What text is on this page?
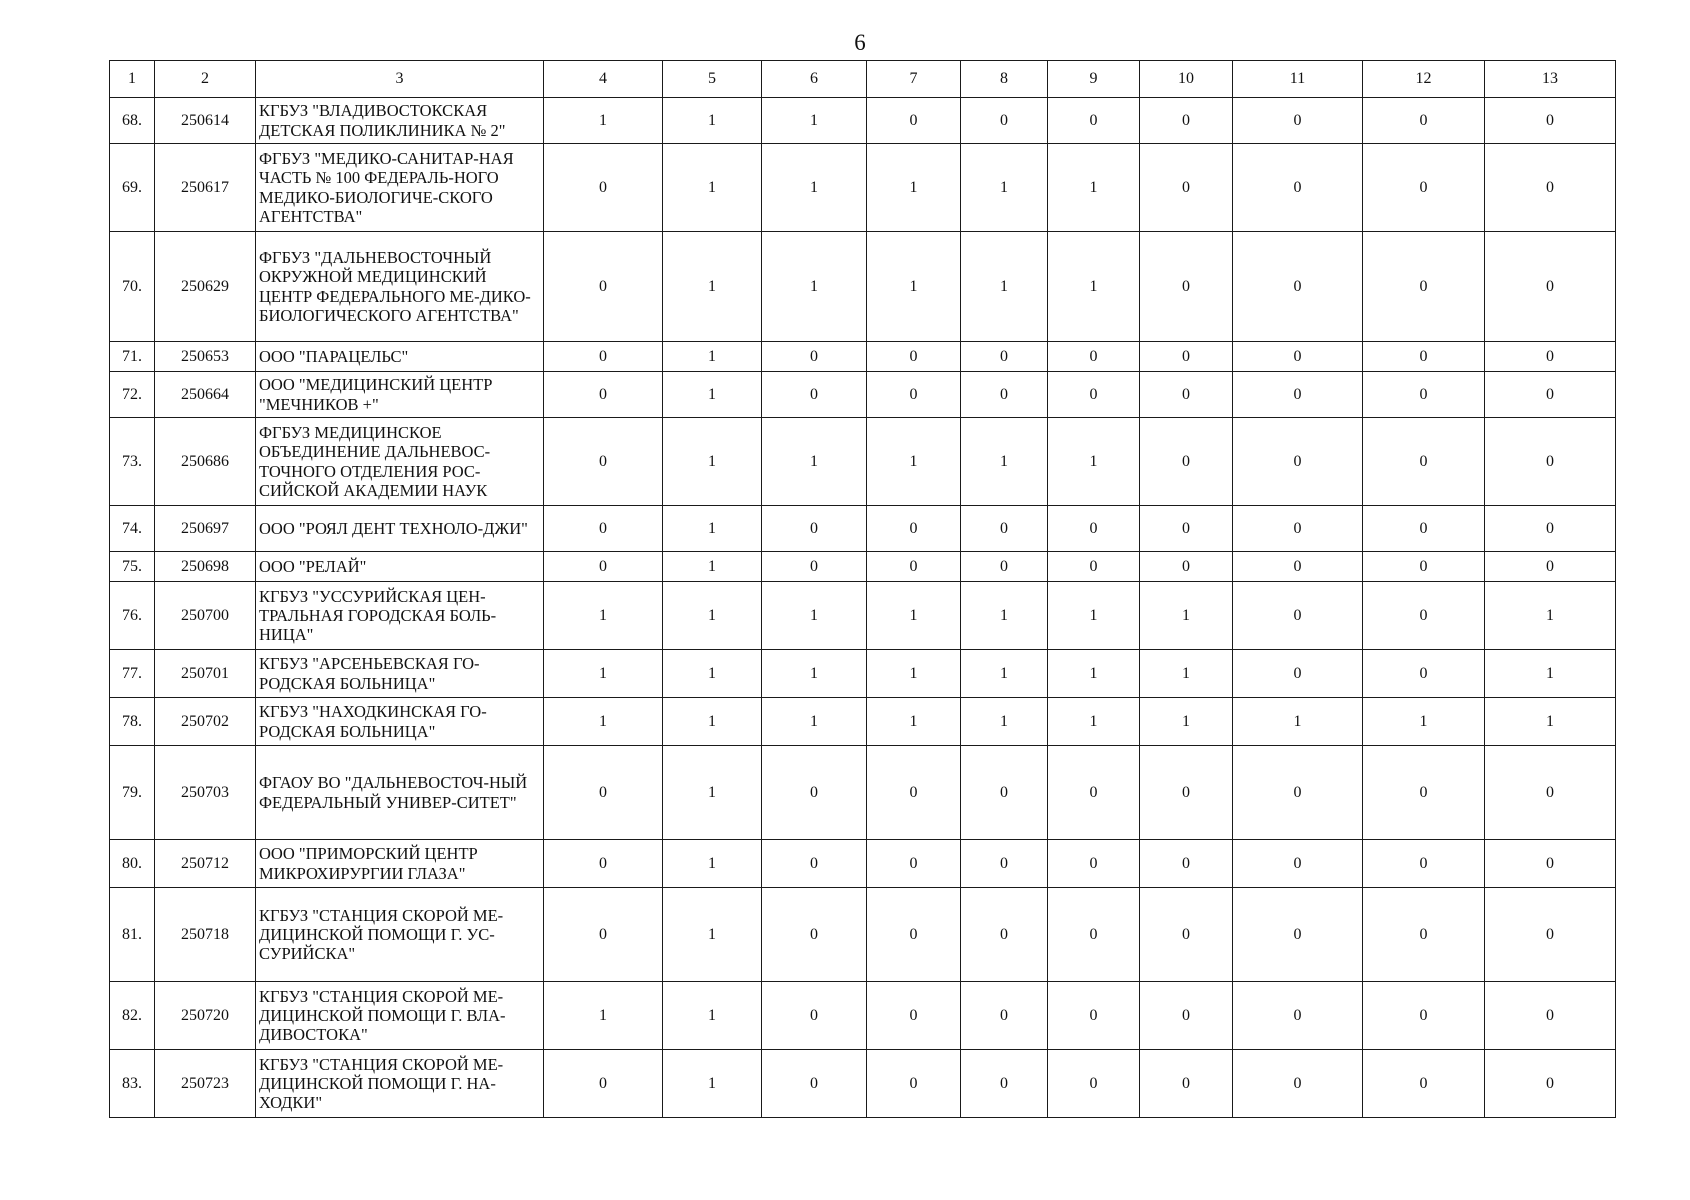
6
1	2	3	4	5	6	7	8	9	10	11	12	13
68.	250614	КГБУЗ "ВЛАДИВОСТОКСКАЯ ДЕТСКАЯ ПОЛИКЛИНИКА № 2"	1	1	1	0	0	0	0	0	0	0
69.	250617	ФГБУЗ "МЕДИКО-САНИТАР-НАЯ ЧАСТЬ № 100 ФЕДЕРАЛЬ-НОГО МЕДИКО-БИОЛОГИЧЕ-СКОГО АГЕНТСТВА"	0	1	1	1	1	1	0	0	0	0
70.	250629	ФГБУЗ "ДАЛЬНЕВОСТОЧНЫЙ ОКРУЖНОЙ МЕДИЦИНСКИЙ ЦЕНТР ФЕДЕРАЛЬНОГО МЕ-ДИКО-БИОЛОГИЧЕСКОГО АГЕНТСТВА"	0	1	1	1	1	1	0	0	0	0
71.	250653	ООО "ПАРАЦЕЛЬС"	0	1	0	0	0	0	0	0	0	0
72.	250664	ООО "МЕДИЦИНСКИЙ ЦЕНТР "МЕЧНИКОВ +"	0	1	0	0	0	0	0	0	0	0
73.	250686	ФГБУЗ МЕДИЦИНСКОЕ ОБЪЕДИНЕНИЕ ДАЛЬНЕВОС-ТОЧНОГО ОТДЕЛЕНИЯ РОС-СИЙСКОЙ АКАДЕМИИ НАУК	0	1	1	1	1	1	0	0	0	0
74.	250697	ООО "РОЯЛ ДЕНТ ТЕХНОЛО-ДЖИ"	0	1	0	0	0	0	0	0	0	0
75.	250698	ООО "РЕЛАЙ"	0	1	0	0	0	0	0	0	0	0
76.	250700	КГБУЗ "УССУРИЙСКАЯ ЦЕН-ТРАЛЬНАЯ ГОРОДСКАЯ БОЛЬ-НИЦА"	1	1	1	1	1	1	1	0	0	1
77.	250701	КГБУЗ "АРСЕНЬЕВСКАЯ ГО-РОДСКАЯ БОЛЬНИЦА"	1	1	1	1	1	1	1	0	0	1
78.	250702	КГБУЗ "НАХОДКИНСКАЯ ГО-РОДСКАЯ БОЛЬНИЦА"	1	1	1	1	1	1	1	1	1	1
79.	250703	ФГАОУ ВО "ДАЛЬНЕВОСТОЧ-НЫЙ ФЕДЕРАЛЬНЫЙ УНИВЕР-СИТЕТ"	0	1	0	0	0	0	0	0	0	0
80.	250712	ООО "ПРИМОРСКИЙ ЦЕНТР МИКРОХИРУРГИИ ГЛАЗА"	0	1	0	0	0	0	0	0	0	0
81.	250718	КГБУЗ "СТАНЦИЯ СКОРОЙ МЕ-ДИЦИНСКОЙ ПОМОЩИ Г. УС-СУРИЙСКА"	0	1	0	0	0	0	0	0	0	0
82.	250720	КГБУЗ "СТАНЦИЯ СКОРОЙ МЕ-ДИЦИНСКОЙ ПОМОЩИ Г. ВЛА-ДИВОСТОКА"	1	1	0	0	0	0	0	0	0	0
83.	250723	КГБУЗ "СТАНЦИЯ СКОРОЙ МЕ-ДИЦИНСКОЙ ПОМОЩИ Г. НА-ХОДКИ"	0	1	0	0	0	0	0	0	0	0
